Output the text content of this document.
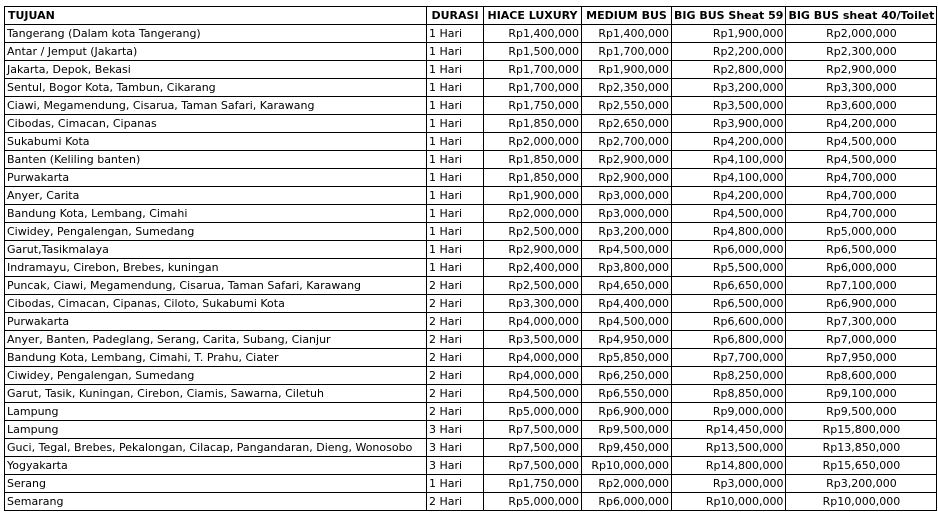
TUJUAN	DURASI	HIACE LUXURY	MEDIUM BUS	BIG BUS Sheat 59	BIG BUS sheat 40/Toilet
Tangerang (Dalam kota Tangerang)	1 Hari	Rp1,400,000	Rp1,400,000	Rp1,900,000	Rp2,000,000
Antar / Jemput (Jakarta)	1 Hari	Rp1,500,000	Rp1,700,000	Rp2,200,000	Rp2,300,000
Jakarta, Depok, Bekasi	1 Hari	Rp1,700,000	Rp1,900,000	Rp2,800,000	Rp2,900,000
Sentul, Bogor Kota, Tambun, Cikarang	1 Hari	Rp1,700,000	Rp2,350,000	Rp3,200,000	Rp3,300,000
Ciawi, Megamendung, Cisarua, Taman Safari, Karawang	1 Hari	Rp1,750,000	Rp2,550,000	Rp3,500,000	Rp3,600,000
Cibodas, Cimacan, Cipanas	1 Hari	Rp1,850,000	Rp2,650,000	Rp3,900,000	Rp4,200,000
Sukabumi Kota	1 Hari	Rp2,000,000	Rp2,700,000	Rp4,200,000	Rp4,500,000
Banten (Keliling banten)	1 Hari	Rp1,850,000	Rp2,900,000	Rp4,100,000	Rp4,500,000
Purwakarta	1 Hari	Rp1,850,000	Rp2,900,000	Rp4,100,000	Rp4,700,000
Anyer, Carita	1 Hari	Rp1,900,000	Rp3,000,000	Rp4,200,000	Rp4,700,000
Bandung Kota, Lembang, Cimahi	1 Hari	Rp2,000,000	Rp3,000,000	Rp4,500,000	Rp4,700,000
Ciwidey, Pengalengan, Sumedang	1 Hari	Rp2,500,000	Rp3,200,000	Rp4,800,000	Rp5,000,000
Garut,Tasikmalaya	1 Hari	Rp2,900,000	Rp4,500,000	Rp6,000,000	Rp6,500,000
Indramayu, Cirebon, Brebes, kuningan	1 Hari	Rp2,400,000	Rp3,800,000	Rp5,500,000	Rp6,000,000
Puncak, Ciawi, Megamendung, Cisarua, Taman Safari, Karawang	2 Hari	Rp2,500,000	Rp4,650,000	Rp6,650,000	Rp7,100,000
Cibodas, Cimacan, Cipanas, Ciloto, Sukabumi Kota	2 Hari	Rp3,300,000	Rp4,400,000	Rp6,500,000	Rp6,900,000
Purwakarta	2 Hari	Rp4,000,000	Rp4,500,000	Rp6,600,000	Rp7,300,000
Anyer, Banten, Padeglang, Serang, Carita, Subang, Cianjur	2 Hari	Rp3,500,000	Rp4,950,000	Rp6,800,000	Rp7,000,000
Bandung Kota, Lembang, Cimahi, T. Prahu, Ciater	2 Hari	Rp4,000,000	Rp5,850,000	Rp7,700,000	Rp7,950,000
Ciwidey, Pengalengan, Sumedang	2 Hari	Rp4,000,000	Rp6,250,000	Rp8,250,000	Rp8,600,000
Garut, Tasik, Kuningan, Cirebon, Ciamis, Sawarna, Ciletuh	2 Hari	Rp4,500,000	Rp6,550,000	Rp8,850,000	Rp9,100,000
Lampung	2 Hari	Rp5,000,000	Rp6,900,000	Rp9,000,000	Rp9,500,000
Lampung	3 Hari	Rp7,500,000	Rp9,500,000	Rp14,450,000	Rp15,800,000
Guci, Tegal, Brebes, Pekalongan, Cilacap, Pangandaran, Dieng, Wonosobo	3 Hari	Rp7,500,000	Rp9,450,000	Rp13,500,000	Rp13,850,000
Yogyakarta	3 Hari	Rp7,500,000	Rp10,000,000	Rp14,800,000	Rp15,650,000
Serang	1 Hari	Rp1,750,000	Rp2,000,000	Rp3,000,000	Rp3,200,000
Semarang	2 Hari	Rp5,000,000	Rp6,000,000	Rp10,000,000	Rp10,000,000
